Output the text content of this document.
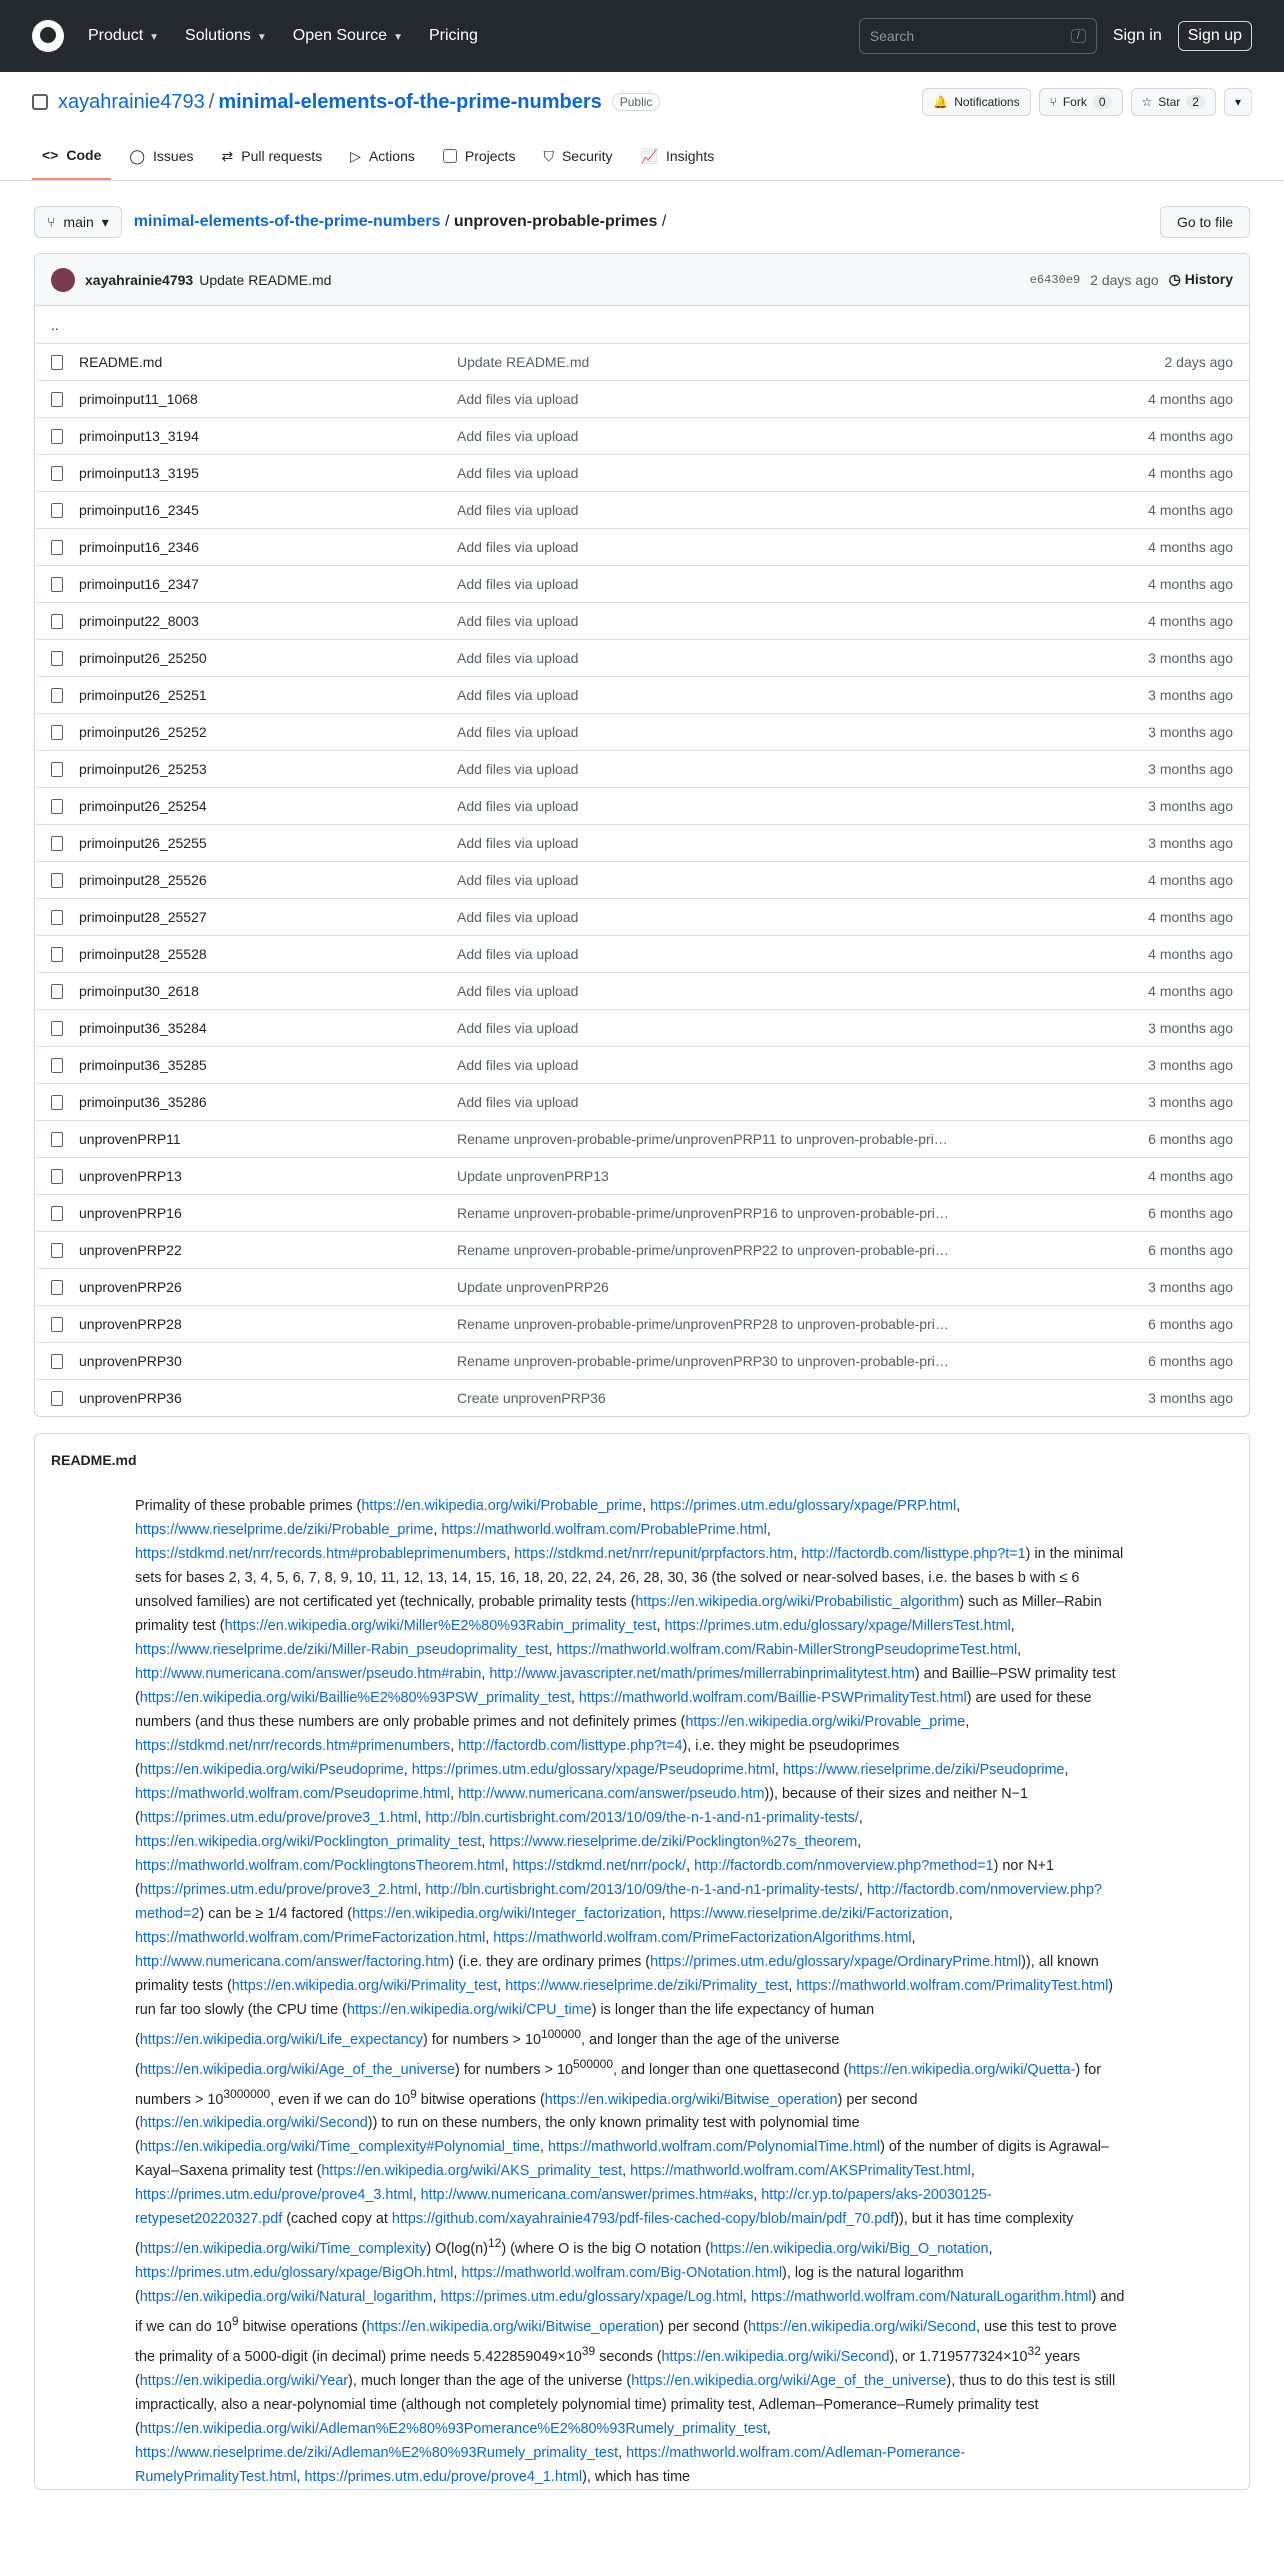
Product ▼ Solutions ▼ Open Source ▼ Pricing	Search	/	Sign in	Sign up
xayahrainie4793 / minimal-elements-of-the-prime-numbers	Public	🔔 Notifications	⑂ Fork	0	☆ Star	2	▾
<> Code ◯ Issues ⇄ Pull requests ▷ Actions	Projects ⛉ Security 📈 Insights
⑂ main ▾ minimal-elements-of-the-prime-numbers / unproven-probable-primes /	Go to file
xayahrainie4793 Update README.md	e6430e9 2 days ago ◷ History
..
README.md	Update README.md	2 days ago
primoinput11_1068	Add files via upload	4 months ago
primoinput13_3194	Add files via upload	4 months ago
primoinput13_3195	Add files via upload	4 months ago
primoinput16_2345	Add files via upload	4 months ago
primoinput16_2346	Add files via upload	4 months ago
primoinput16_2347	Add files via upload	4 months ago
primoinput22_8003	Add files via upload	4 months ago
primoinput26_25250	Add files via upload	3 months ago
primoinput26_25251	Add files via upload	3 months ago
primoinput26_25252	Add files via upload	3 months ago
primoinput26_25253	Add files via upload	3 months ago
primoinput26_25254	Add files via upload	3 months ago
primoinput26_25255	Add files via upload	3 months ago
primoinput28_25526	Add files via upload	4 months ago
primoinput28_25527	Add files via upload	4 months ago
primoinput28_25528	Add files via upload	4 months ago
primoinput30_2618	Add files via upload	4 months ago
primoinput36_35284	Add files via upload	3 months ago
primoinput36_35285	Add files via upload	3 months ago
primoinput36_35286	Add files via upload	3 months ago
unprovenPRP11	Rename unproven-probable-prime/unprovenPRP11 to unproven-probable-pri…	6 months ago
unprovenPRP13	Update unprovenPRP13	4 months ago
unprovenPRP16	Rename unproven-probable-prime/unprovenPRP16 to unproven-probable-pri…	6 months ago
unprovenPRP22	Rename unproven-probable-prime/unprovenPRP22 to unproven-probable-pri…	6 months ago
unprovenPRP26	Update unprovenPRP26	3 months ago
unprovenPRP28	Rename unproven-probable-prime/unprovenPRP28 to unproven-probable-pri…	6 months ago
unprovenPRP30	Rename unproven-probable-prime/unprovenPRP30 to unproven-probable-pri…	6 months ago
unprovenPRP36	Create unprovenPRP36	3 months ago
README.md

Primality of these probable primes (https://en.wikipedia.org/wiki/Probable_prime, https://primes.utm.edu/glossary/xpage/PRP.html, https://www.rieselprime.de/ziki/Probable_prime, https://mathworld.wolfram.com/ProbablePrime.html, https://stdkmd.net/nrr/records.htm#probableprimenumbers, https://stdkmd.net/nrr/repunit/prpfactors.htm, http://factordb.com/listtype.php?t=1) in the minimal sets for bases 2, 3, 4, 5, 6, 7, 8, 9, 10, 11, 12, 13, 14, 15, 16, 18, 20, 22, 24, 26, 28, 30, 36 (the solved or near-solved bases, i.e. the bases b with ≤ 6 unsolved families) are not certificated yet (technically, probable primality tests (https://en.wikipedia.org/wiki/Probabilistic_algorithm) such as Miller–Rabin primality test (https://en.wikipedia.org/wiki/Miller%E2%80%93Rabin_primality_test, https://primes.utm.edu/glossary/xpage/MillersTest.html, https://www.rieselprime.de/ziki/Miller-Rabin_pseudoprimality_test, https://mathworld.wolfram.com/Rabin-MillerStrongPseudoprimeTest.html, http://www.numericana.com/answer/pseudo.htm#rabin, http://www.javascripter.net/math/primes/millerrabinprimalitytest.htm) and Baillie–PSW primality test (https://en.wikipedia.org/wiki/Baillie%E2%80%93PSW_primality_test, https://mathworld.wolfram.com/Baillie-PSWPrimalityTest.html) are used for these numbers (and thus these numbers are only probable primes and not definitely primes (https://en.wikipedia.org/wiki/Provable_prime, https://stdkmd.net/nrr/records.htm#primenumbers, http://factordb.com/listtype.php?t=4), i.e. they might be pseudoprimes (https://en.wikipedia.org/wiki/Pseudoprime, https://primes.utm.edu/glossary/xpage/Pseudoprime.html, https://www.rieselprime.de/ziki/Pseudoprime, https://mathworld.wolfram.com/Pseudoprime.html, http://www.numericana.com/answer/pseudo.htm)), because of their sizes and neither N−1 (https://primes.utm.edu/prove/prove3_1.html, http://bln.curtisbright.com/2013/10/09/the-n-1-and-n1-primality-tests/, https://en.wikipedia.org/wiki/Pocklington_primality_test, https://www.rieselprime.de/ziki/Pocklington%27s_theorem, https://mathworld.wolfram.com/PocklingtonsTheorem.html, https://stdkmd.net/nrr/pock/, http://factordb.com/nmoverview.php?method=1) nor N+1 (https://primes.utm.edu/prove/prove3_2.html, http://bln.curtisbright.com/2013/10/09/the-n-1-and-n1-primality-tests/, http://factordb.com/nmoverview.php?method=2) can be ≥ 1/4 factored (https://en.wikipedia.org/wiki/Integer_factorization, https://www.rieselprime.de/ziki/Factorization, https://mathworld.wolfram.com/PrimeFactorization.html, https://mathworld.wolfram.com/PrimeFactorizationAlgorithms.html, http://www.numericana.com/answer/factoring.htm) (i.e. they are ordinary primes (https://primes.utm.edu/glossary/xpage/OrdinaryPrime.html)), all known primality tests (https://en.wikipedia.org/wiki/Primality_test, https://www.rieselprime.de/ziki/Primality_test, https://mathworld.wolfram.com/PrimalityTest.html) run far too slowly (the CPU time (https://en.wikipedia.org/wiki/CPU_time) is longer than the life expectancy of human (https://en.wikipedia.org/wiki/Life_expectancy) for numbers > $10^{100000}$, and longer than the age of the universe (https://en.wikipedia.org/wiki/Age_of_the_universe) for numbers > $10^{500000}$, and longer than one quettasecond (https://en.wikipedia.org/wiki/Quetta-) for numbers > $10^{3000000}$, even if we can do $10^9$ bitwise operations (https://en.wikipedia.org/wiki/Bitwise_operation) per second (https://en.wikipedia.org/wiki/Second)) to run on these numbers, the only known primality test with polynomial time (https://en.wikipedia.org/wiki/Time_complexity#Polynomial_time, https://mathworld.wolfram.com/PolynomialTime.html) of the number of digits is Agrawal–Kayal–Saxena primality test (https://en.wikipedia.org/wiki/AKS_primality_test, https://mathworld.wolfram.com/AKSPrimalityTest.html, https://primes.utm.edu/prove/prove4_3.html, http://www.numericana.com/answer/primes.htm#aks, http://cr.yp.to/papers/aks-20030125-retypeset20220327.pdf (cached copy at https://github.com/xayahrainie4793/pdf-files-cached-copy/blob/main/pdf_70.pdf)), but it has time complexity (https://en.wikipedia.org/wiki/Time_complexity) $O(\log(n)^{12})$ (where O is the big O notation (https://en.wikipedia.org/wiki/Big_O_notation, https://primes.utm.edu/glossary/xpage/BigOh.html, https://mathworld.wolfram.com/Big-ONotation.html), log is the natural logarithm (https://en.wikipedia.org/wiki/Natural_logarithm, https://primes.utm.edu/glossary/xpage/Log.html, https://mathworld.wolfram.com/NaturalLogarithm.html) and if we can do $10^9$ bitwise operations (https://en.wikipedia.org/wiki/Bitwise_operation) per second (https://en.wikipedia.org/wiki/Second, use this test to prove the primality of a 5000-digit (in decimal) prime needs $5.422859049\times 10^{39}$ seconds (https://en.wikipedia.org/wiki/Second), or $1.719577324\times 10^{32}$ years (https://en.wikipedia.org/wiki/Year), much longer than the age of the universe (https://en.wikipedia.org/wiki/Age_of_the_universe), thus to do this test is still impractically, also a near-polynomial time (although not completely polynomial time) primality test, Adleman–Pomerance–Rumely primality test (https://en.wikipedia.org/wiki/Adleman%E2%80%93Pomerance%E2%80%93Rumely_primality_test, https://www.rieselprime.de/ziki/Adleman%E2%80%93Rumely_primality_test, https://mathworld.wolfram.com/Adleman-Pomerance-RumelyPrimalityTest.html, https://primes.utm.edu/prove/prove4_1.html), which has time
